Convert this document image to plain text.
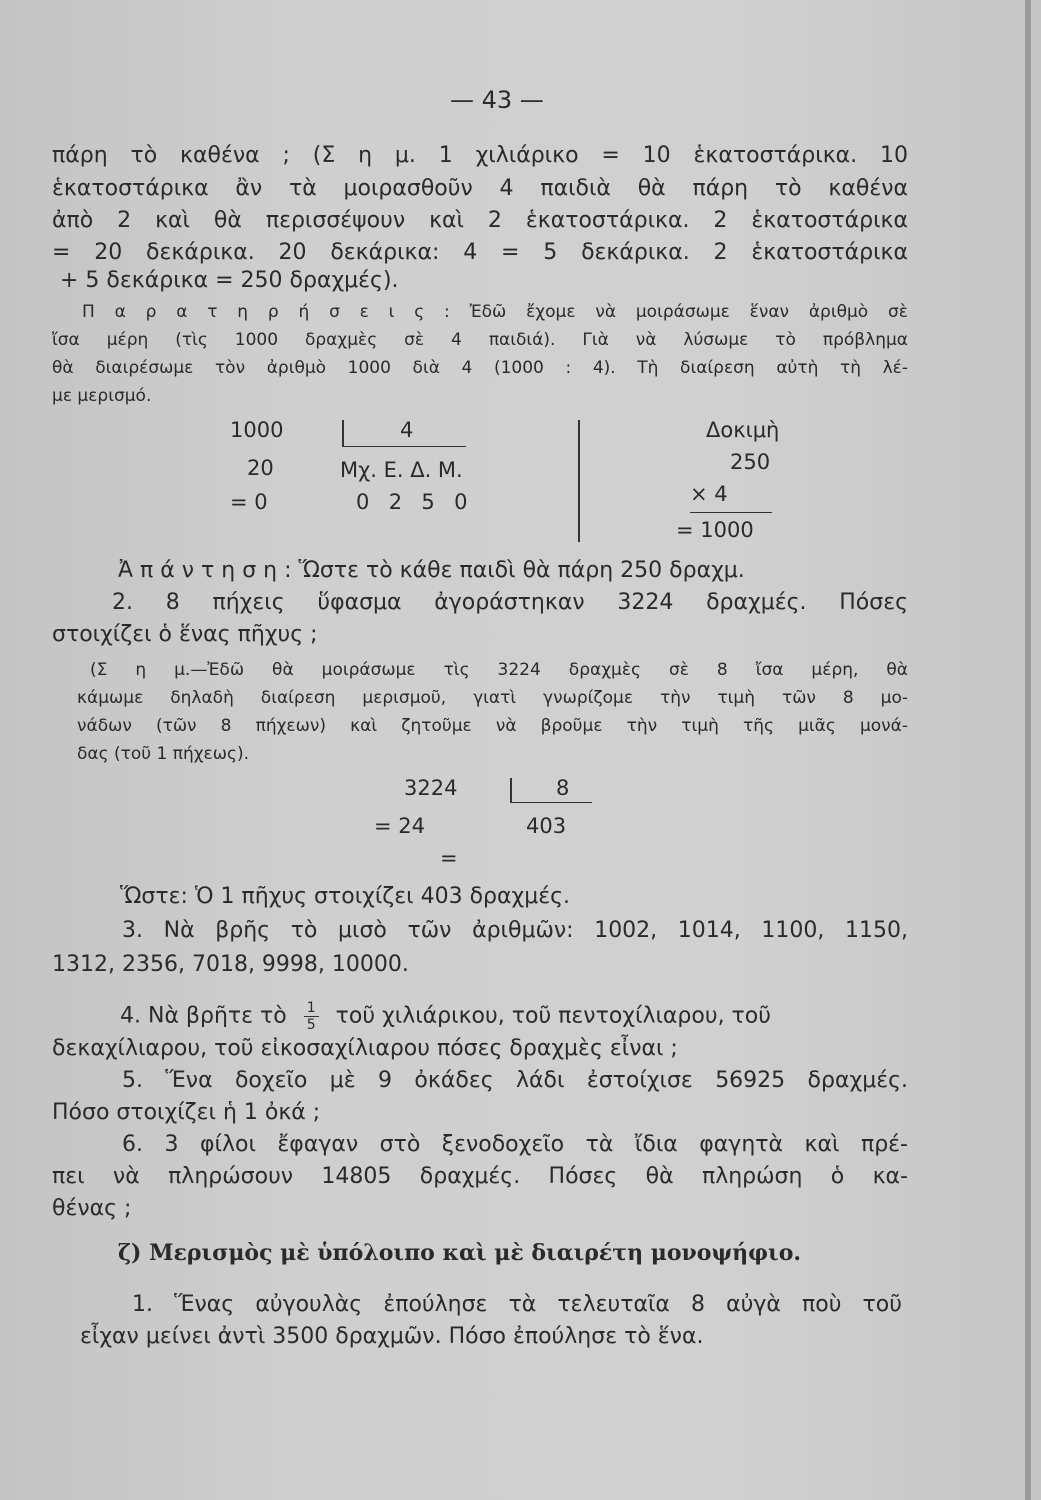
— 43 —
πάρη τὸ καθένα ; (Σ η μ. 1 χιλιάρικο = 10 ἑκατοστάρικα. 10
ἑκατοστάρικα ἂν τὰ μοιρασθοῦν 4 παιδιὰ θὰ πάρη τὸ καθένα
ἀπὸ 2 καὶ θὰ περισσέψουν καὶ 2 ἑκατοστάρικα. 2 ἑκατοστάρικα
= 20 δεκάρικα. 20 δεκάρικα: 4 = 5 δεκάρικα. 2 ἑκατοστάρικα
+ 5 δεκάρικα = 250 δραχμές).
Π α ρ α τ η ρ ή σ ε ι ς : Ἐδῶ ἔχομε νὰ μοιράσωμε ἕναν ἀριθμὸ σὲ
ἴσα μέρη (τὶς 1000 δραχμὲς σὲ 4 παιδιά). Γιὰ νὰ λύσωμε τὸ πρόβλημα
θὰ διαιρέσωμε τὸν ἀριθμὸ 1000 διὰ 4 (1000 : 4). Τὴ διαίρεση αὐτὴ τὴ λέ-
με μερισμό.
1000	4
20	Μχ. Ε. Δ. Μ.
= 0	0  2  5  0
Δοκιμὴ
250
× 4
= 1000
Ἀ π ά ν τ η σ η : Ὥστε τὸ κάθε παιδὶ θὰ πάρη 250 δραχμ.
2. 8 πήχεις ὕφασμα ἀγοράστηκαν 3224 δραχμές. Πόσες
στοιχίζει ὁ ἕνας πῆχυς ;
(Σ η μ.—Ἐδῶ θὰ μοιράσωμε τὶς 3224 δραχμὲς σὲ 8 ἴσα μέρη, θὰ
κάμωμε δηλαδὴ διαίρεση μερισμοῦ, γιατὶ γνωρίζομε τὴν τιμὴ τῶν 8 μο-
νάδων (τῶν 8 πήχεων) καὶ ζητοῦμε νὰ βροῦμε τὴν τιμὴ τῆς μιᾶς μονά-
δας (τοῦ 1 πήχεως).
3224	8
= 24	403
=
Ὥστε: Ὁ 1 πῆχυς στοιχίζει 403 δραχμές.
3. Νὰ βρῆς τὸ μισὸ τῶν ἀριθμῶν: 1002, 1014, 1100, 1150,
1312, 2356, 7018, 9998, 10000.
4. Νὰ βρῆτε τὸ $\frac{1}{5}$ τοῦ χιλιάρικου, τοῦ πεντοχίλιαρου, τοῦ
δεκαχίλιαρου, τοῦ εἰκοσαχίλιαρου πόσες δραχμὲς εἶναι ;
5. Ἕνα δοχεῖο μὲ 9 ὀκάδες λάδι ἐστοίχισε 56925 δραχμές.
Πόσο στοιχίζει ἡ 1 ὀκά ;
6. 3 φίλοι ἔφαγαν στὸ ξενοδοχεῖο τὰ ἴδια φαγητὰ καὶ πρέ-
πει νὰ πληρώσουν 14805 δραχμές. Πόσες θὰ πληρώση ὁ κα-
θένας ;
ζ) Μερισμὸς μὲ ὑπόλοιπο καὶ μὲ διαιρέτη μονοψήφιο.
1. Ἕνας αὐγουλὰς ἐπούλησε τὰ τελευταῖα 8 αὐγὰ ποὺ τοῦ
εἶχαν μείνει ἀντὶ 3500 δραχμῶν. Πόσο ἐπούλησε τὸ ἕνα.
